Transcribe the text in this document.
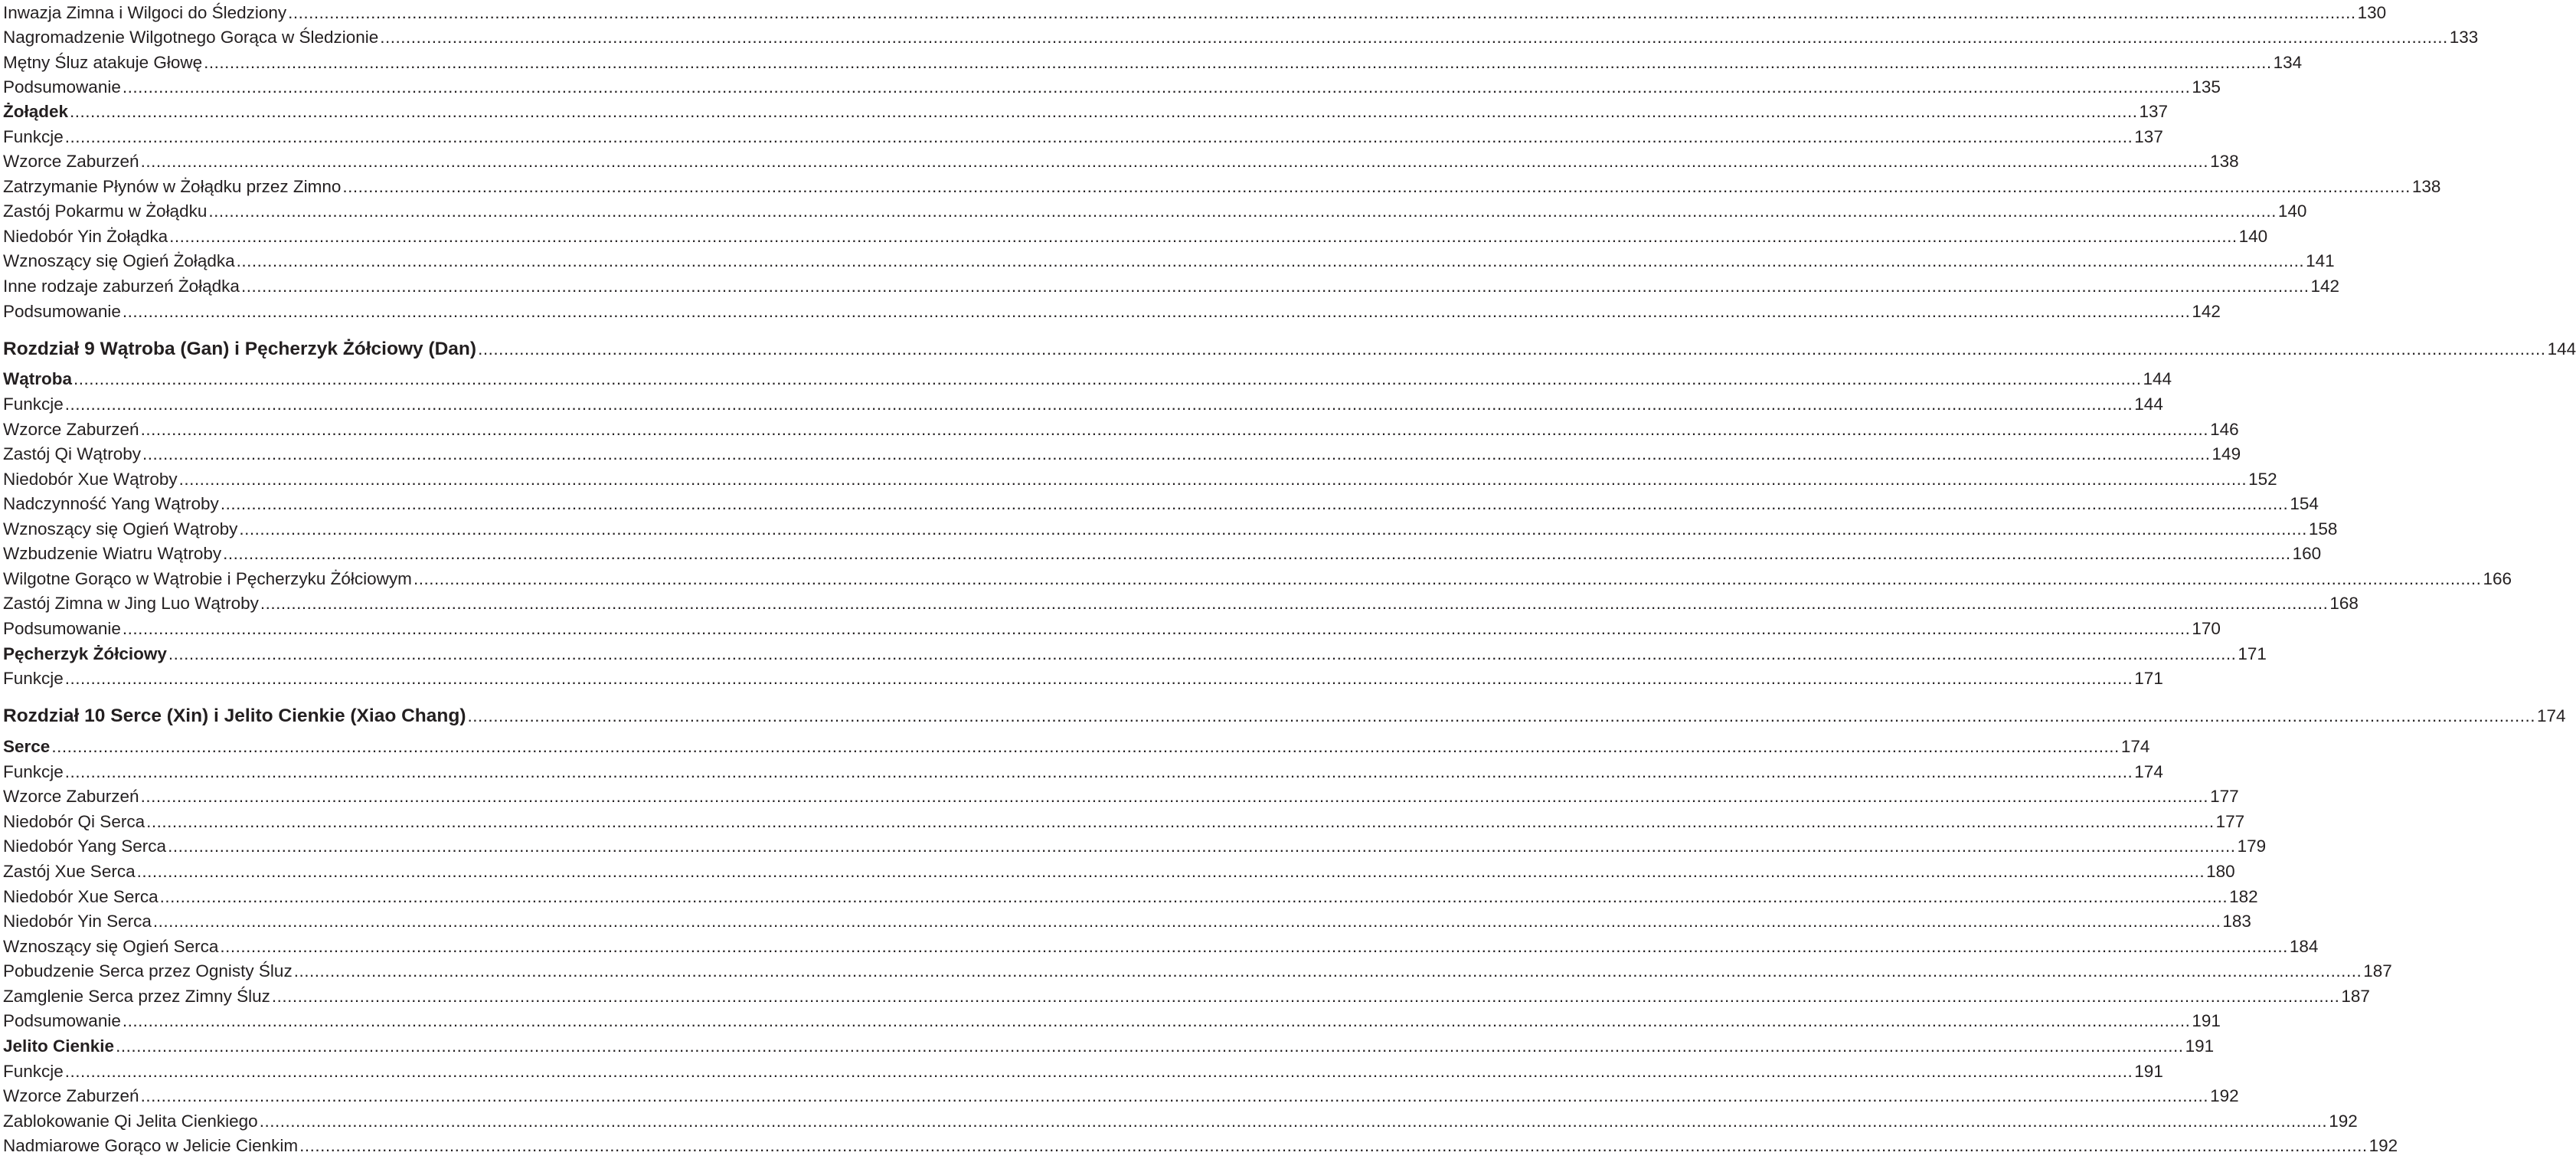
Inwazja Zimna i Wilgoci do Śledziony ................................................................................................................................................................................................................................................................................................................................................................................................................ 130
Nagromadzenie Wilgotnego Gorąca w Śledzionie ................................................................................................................................................................................................................................................................................................................................................................................................................ 133
Mętny Śluz atakuje Głowę ................................................................................................................................................................................................................................................................................................................................................................................................................ 134
Podsumowanie ................................................................................................................................................................................................................................................................................................................................................................................................................ 135
Żołądek ................................................................................................................................................................................................................................................................................................................................................................................................................ 137
Funkcje ................................................................................................................................................................................................................................................................................................................................................................................................................ 137
Wzorce Zaburzeń ................................................................................................................................................................................................................................................................................................................................................................................................................ 138
Zatrzymanie Płynów w Żołądku przez Zimno ................................................................................................................................................................................................................................................................................................................................................................................................................ 138
Zastój Pokarmu w Żołądku ................................................................................................................................................................................................................................................................................................................................................................................................................ 140
Niedobór Yin Żołądka ................................................................................................................................................................................................................................................................................................................................................................................................................ 140
Wznoszący się Ogień Żołądka ................................................................................................................................................................................................................................................................................................................................................................................................................ 141
Inne rodzaje zaburzeń Żołądka ................................................................................................................................................................................................................................................................................................................................................................................................................ 142
Podsumowanie ................................................................................................................................................................................................................................................................................................................................................................................................................ 142
Rozdział 9 Wątroba (Gan) i Pęcherzyk Żółciowy (Dan) ................................................................................................................................................................................................................................................................................................................................................................................................................ 144
Wątroba ................................................................................................................................................................................................................................................................................................................................................................................................................ 144
Funkcje ................................................................................................................................................................................................................................................................................................................................................................................................................ 144
Wzorce Zaburzeń ................................................................................................................................................................................................................................................................................................................................................................................................................ 146
Zastój Qi Wątroby ................................................................................................................................................................................................................................................................................................................................................................................................................ 149
Niedobór Xue Wątroby ................................................................................................................................................................................................................................................................................................................................................................................................................ 152
Nadczynność Yang Wątroby ................................................................................................................................................................................................................................................................................................................................................................................................................ 154
Wznoszący się Ogień Wątroby ................................................................................................................................................................................................................................................................................................................................................................................................................ 158
Wzbudzenie Wiatru Wątroby ................................................................................................................................................................................................................................................................................................................................................................................................................ 160
Wilgotne Gorąco w Wątrobie i Pęcherzyku Żółciowym ................................................................................................................................................................................................................................................................................................................................................................................................................ 166
Zastój Zimna w Jing Luo Wątroby ................................................................................................................................................................................................................................................................................................................................................................................................................ 168
Podsumowanie ................................................................................................................................................................................................................................................................................................................................................................................................................ 170
Pęcherzyk Żółciowy ................................................................................................................................................................................................................................................................................................................................................................................................................ 171
Funkcje ................................................................................................................................................................................................................................................................................................................................................................................................................ 171
Rozdział 10 Serce (Xin) i Jelito Cienkie (Xiao Chang) ................................................................................................................................................................................................................................................................................................................................................................................................................ 174
Serce ................................................................................................................................................................................................................................................................................................................................................................................................................ 174
Funkcje ................................................................................................................................................................................................................................................................................................................................................................................................................ 174
Wzorce Zaburzeń ................................................................................................................................................................................................................................................................................................................................................................................................................ 177
Niedobór Qi Serca ................................................................................................................................................................................................................................................................................................................................................................................................................ 177
Niedobór Yang Serca ................................................................................................................................................................................................................................................................................................................................................................................................................ 179
Zastój Xue Serca ................................................................................................................................................................................................................................................................................................................................................................................................................ 180
Niedobór Xue Serca ................................................................................................................................................................................................................................................................................................................................................................................................................ 182
Niedobór Yin Serca ................................................................................................................................................................................................................................................................................................................................................................................................................ 183
Wznoszący się Ogień Serca ................................................................................................................................................................................................................................................................................................................................................................................................................ 184
Pobudzenie Serca przez Ognisty Śluz ................................................................................................................................................................................................................................................................................................................................................................................................................ 187
Zamglenie Serca przez Zimny Śluz ................................................................................................................................................................................................................................................................................................................................................................................................................ 187
Podsumowanie ................................................................................................................................................................................................................................................................................................................................................................................................................ 191
Jelito Cienkie ................................................................................................................................................................................................................................................................................................................................................................................................................ 191
Funkcje ................................................................................................................................................................................................................................................................................................................................................................................................................ 191
Wzorce Zaburzeń ................................................................................................................................................................................................................................................................................................................................................................................................................ 192
Zablokowanie Qi Jelita Cienkiego ................................................................................................................................................................................................................................................................................................................................................................................................................ 192
Nadmiarowe Gorąco w Jelicie Cienkim ................................................................................................................................................................................................................................................................................................................................................................................................................ 192
